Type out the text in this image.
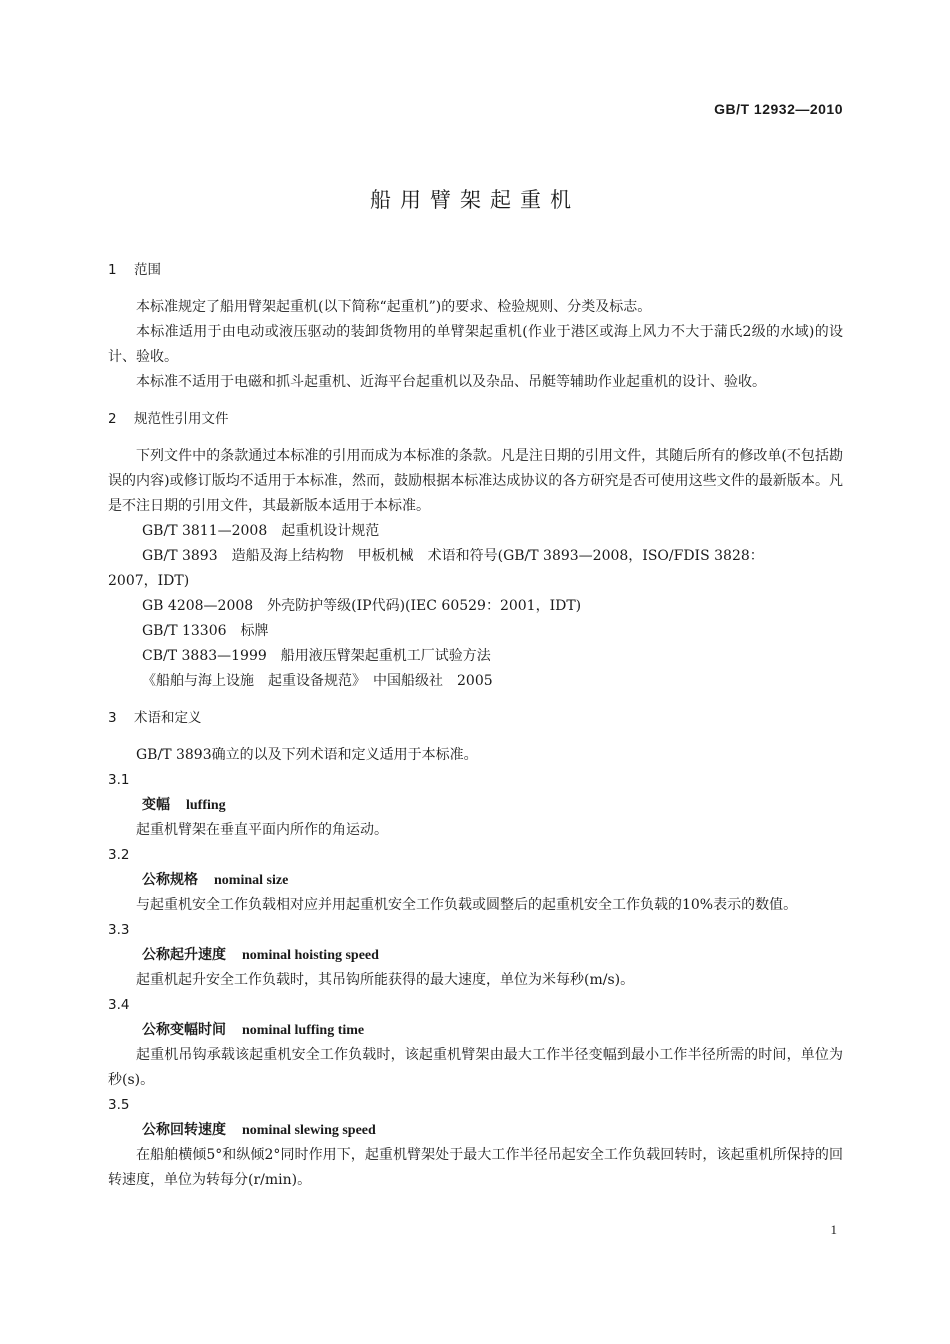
GB/T 12932—2010
船用臂架起重机

1 范围

本标准规定了船用臂架起重机(以下简称“起重机”)的要求、检验规则、分类及标志。

本标准适用于由电动或液压驱动的装卸货物用的单臂架起重机(作业于港区或海上风力不大于蒲氏2级的水域)的设计、验收。

本标准不适用于电磁和抓斗起重机、近海平台起重机以及杂品、吊艇等辅助作业起重机的设计、验收。

2 规范性引用文件

下列文件中的条款通过本标准的引用而成为本标准的条款。凡是注日期的引用文件，其随后所有的修改单(不包括勘误的内容)或修订版均不适用于本标准，然而，鼓励根据本标准达成协议的各方研究是否可使用这些文件的最新版本。凡是不注日期的引用文件，其最新版本适用于本标准。

GB/T 3811—2008　起重机设计规范

GB/T 3893　造船及海上结构物　甲板机械　术语和符号(GB/T 3893—2008，ISO/FDIS 3828：

2007，IDT)

GB 4208—2008　外壳防护等级(IP代码)(IEC 60529：2001，IDT)

GB/T 13306　标牌

CB/T 3883—1999　船用液压臂架起重机工厂试验方法

《船舶与海上设施　起重设备规范》　中国船级社　2005

3 术语和定义

GB/T 3893确立的以及下列术语和定义适用于本标准。

3.1

变幅 luffing

起重机臂架在垂直平面内所作的角运动。

3.2

公称规格 nominal size

与起重机安全工作负载相对应并用起重机安全工作负载或圆整后的起重机安全工作负载的10%表示的数值。

3.3

公称起升速度 nominal hoisting speed

起重机起升安全工作负载时，其吊钩所能获得的最大速度，单位为米每秒(m/s)。

3.4

公称变幅时间 nominal luffing time

起重机吊钩承载该起重机安全工作负载时，该起重机臂架由最大工作半径变幅到最小工作半径所需的时间，单位为秒(s)。

3.5

公称回转速度 nominal slewing speed

在船舶横倾5°和纵倾2°同时作用下，起重机臂架处于最大工作半径吊起安全工作负载回转时，该起重机所保持的回转速度，单位为转每分(r/min)。

1
